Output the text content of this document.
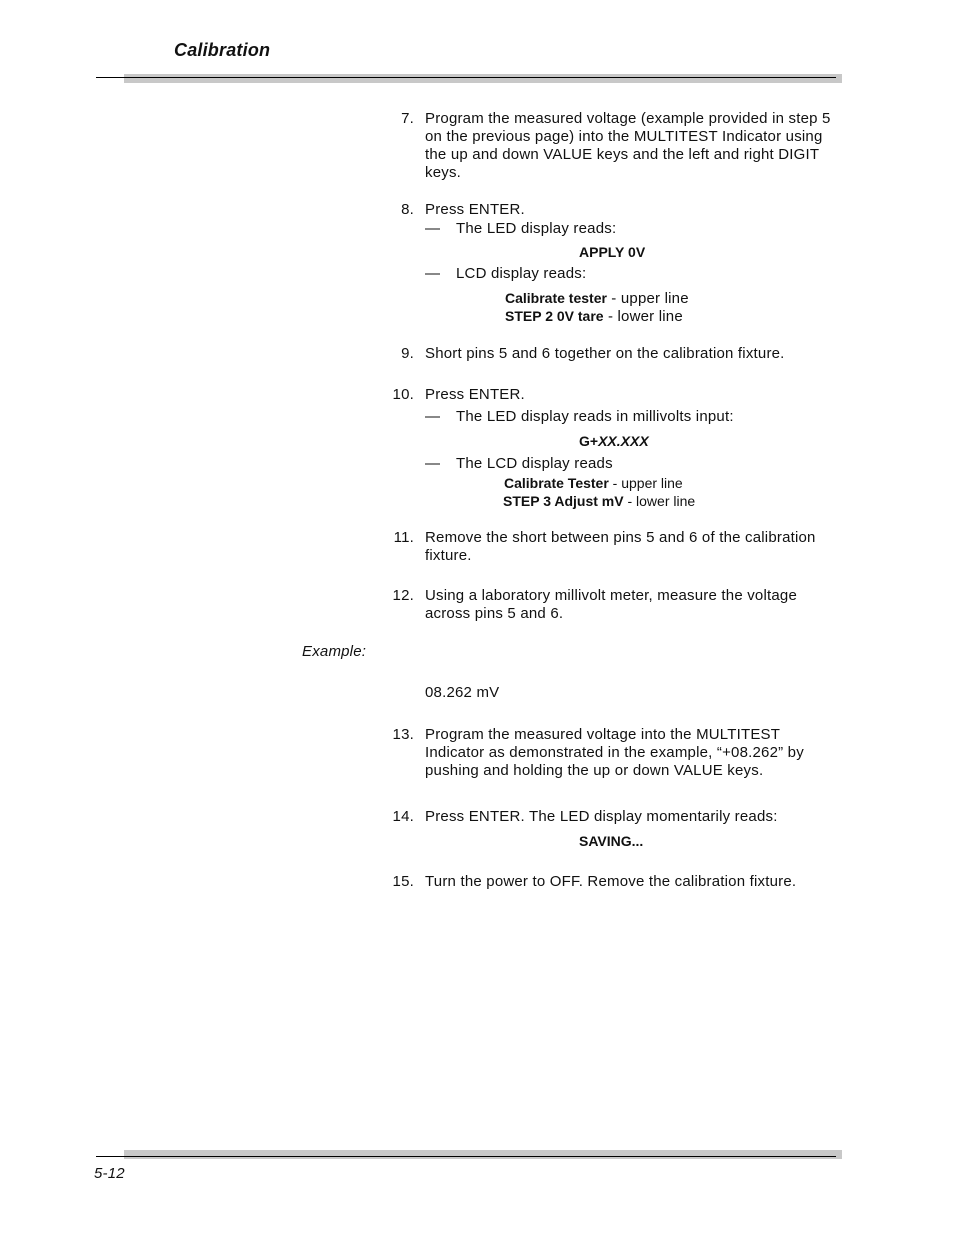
Calibration
7. Program the measured voltage (example provided in step 5 on the previous page) into the MULTITEST Indicator using the up and down VALUE keys and the left and right DIGIT keys.
8. Press ENTER.
— The LED display reads:
APPLY 0V
— LCD display reads:
Calibrate tester - upper line
STEP 2 0V tare - lower line
9. Short pins 5 and 6 together on the calibration fixture.
10. Press ENTER.
— The LED display reads in millivolts input:
G+XX.XXX
— The LCD display reads
Calibrate Tester - upper line
STEP 3 Adjust mV - lower line
11. Remove the short between pins 5 and 6 of the calibration fixture.
12. Using a laboratory millivolt meter, measure the voltage across pins 5 and 6.
Example:
08.262 mV
13. Program the measured voltage into the MULTITEST Indicator as demonstrated in the example, “+08.262” by pushing and holding the up or down VALUE keys.
14. Press ENTER. The LED display momentarily reads:
SAVING...
15. Turn the power to OFF. Remove the calibration fixture.
5-12
